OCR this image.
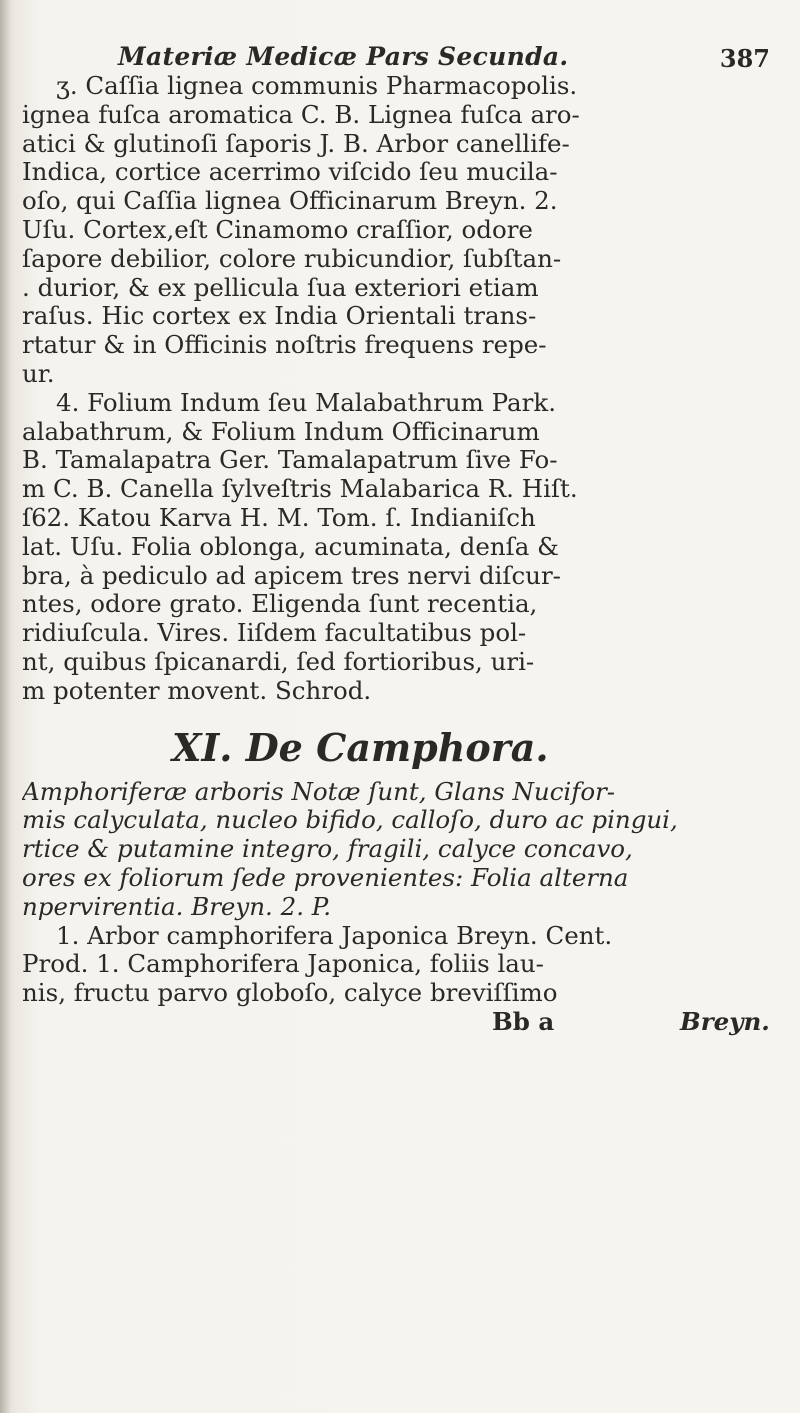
Materiæ Medicæ Pars Secunda.	387
ʒ. Caſſia lignea communis Pharmacopolis.
ignea fuſca aromatica C. B. Lignea fuſca aro-
atici & glutinoſi ſaporis J. B. Arbor canellife-
Indica, cortice acerrimo viſcido ſeu mucila-
oſo, qui Caſſia lignea Officinarum Breyn. 2.
Uſu. Cortex,eſt Cinamomo craſſior, odore
ſapore debilior, colore rubicundior, ſubſtan-
. durior, & ex pellicula ſua exteriori etiam
raſus. Hic cortex ex India Orientali trans-
rtatur & in Officinis noſtris frequens repe-
ur.
4. Folium Indum ſeu Malabathrum Park.
alabathrum, & Folium Indum Officinarum
B. Tamalapatra Ger. Tamalapatrum ſive Fo-
m C. B. Canella ſylveſtris Malabarica R. Hiſt.
ſ62. Katou Karva H. M. Tom. ſ. Indianiſch
lat. Uſu. Folia oblonga, acuminata, denſa &
bra, à pediculo ad apicem tres nervi diſcur-
ntes, odore grato. Eligenda ſunt recentia,
ridiuſcula. Vires. Iiſdem facultatibus pol-
nt, quibus ſpicanardi, ſed fortioribus, uri-
m potenter movent. Schrod.
XI. De Camphora.
Amphoriferæ arboris Notæ ſunt, Glans Nucifor-
mis calyculata, nucleo bifido, calloſo, duro ac pingui,
rtice & putamine integro, fragili, calyce concavo,
ores ex foliorum ſede provenientes: Folia alterna
npervirentia. Breyn. 2. P.
1. Arbor camphorifera Japonica Breyn. Cent.
Prod. 1. Camphorifera Japonica, foliis lau-
nis, fructu parvo globoſo, calyce breviſſimo
Bb a	Breyn.
